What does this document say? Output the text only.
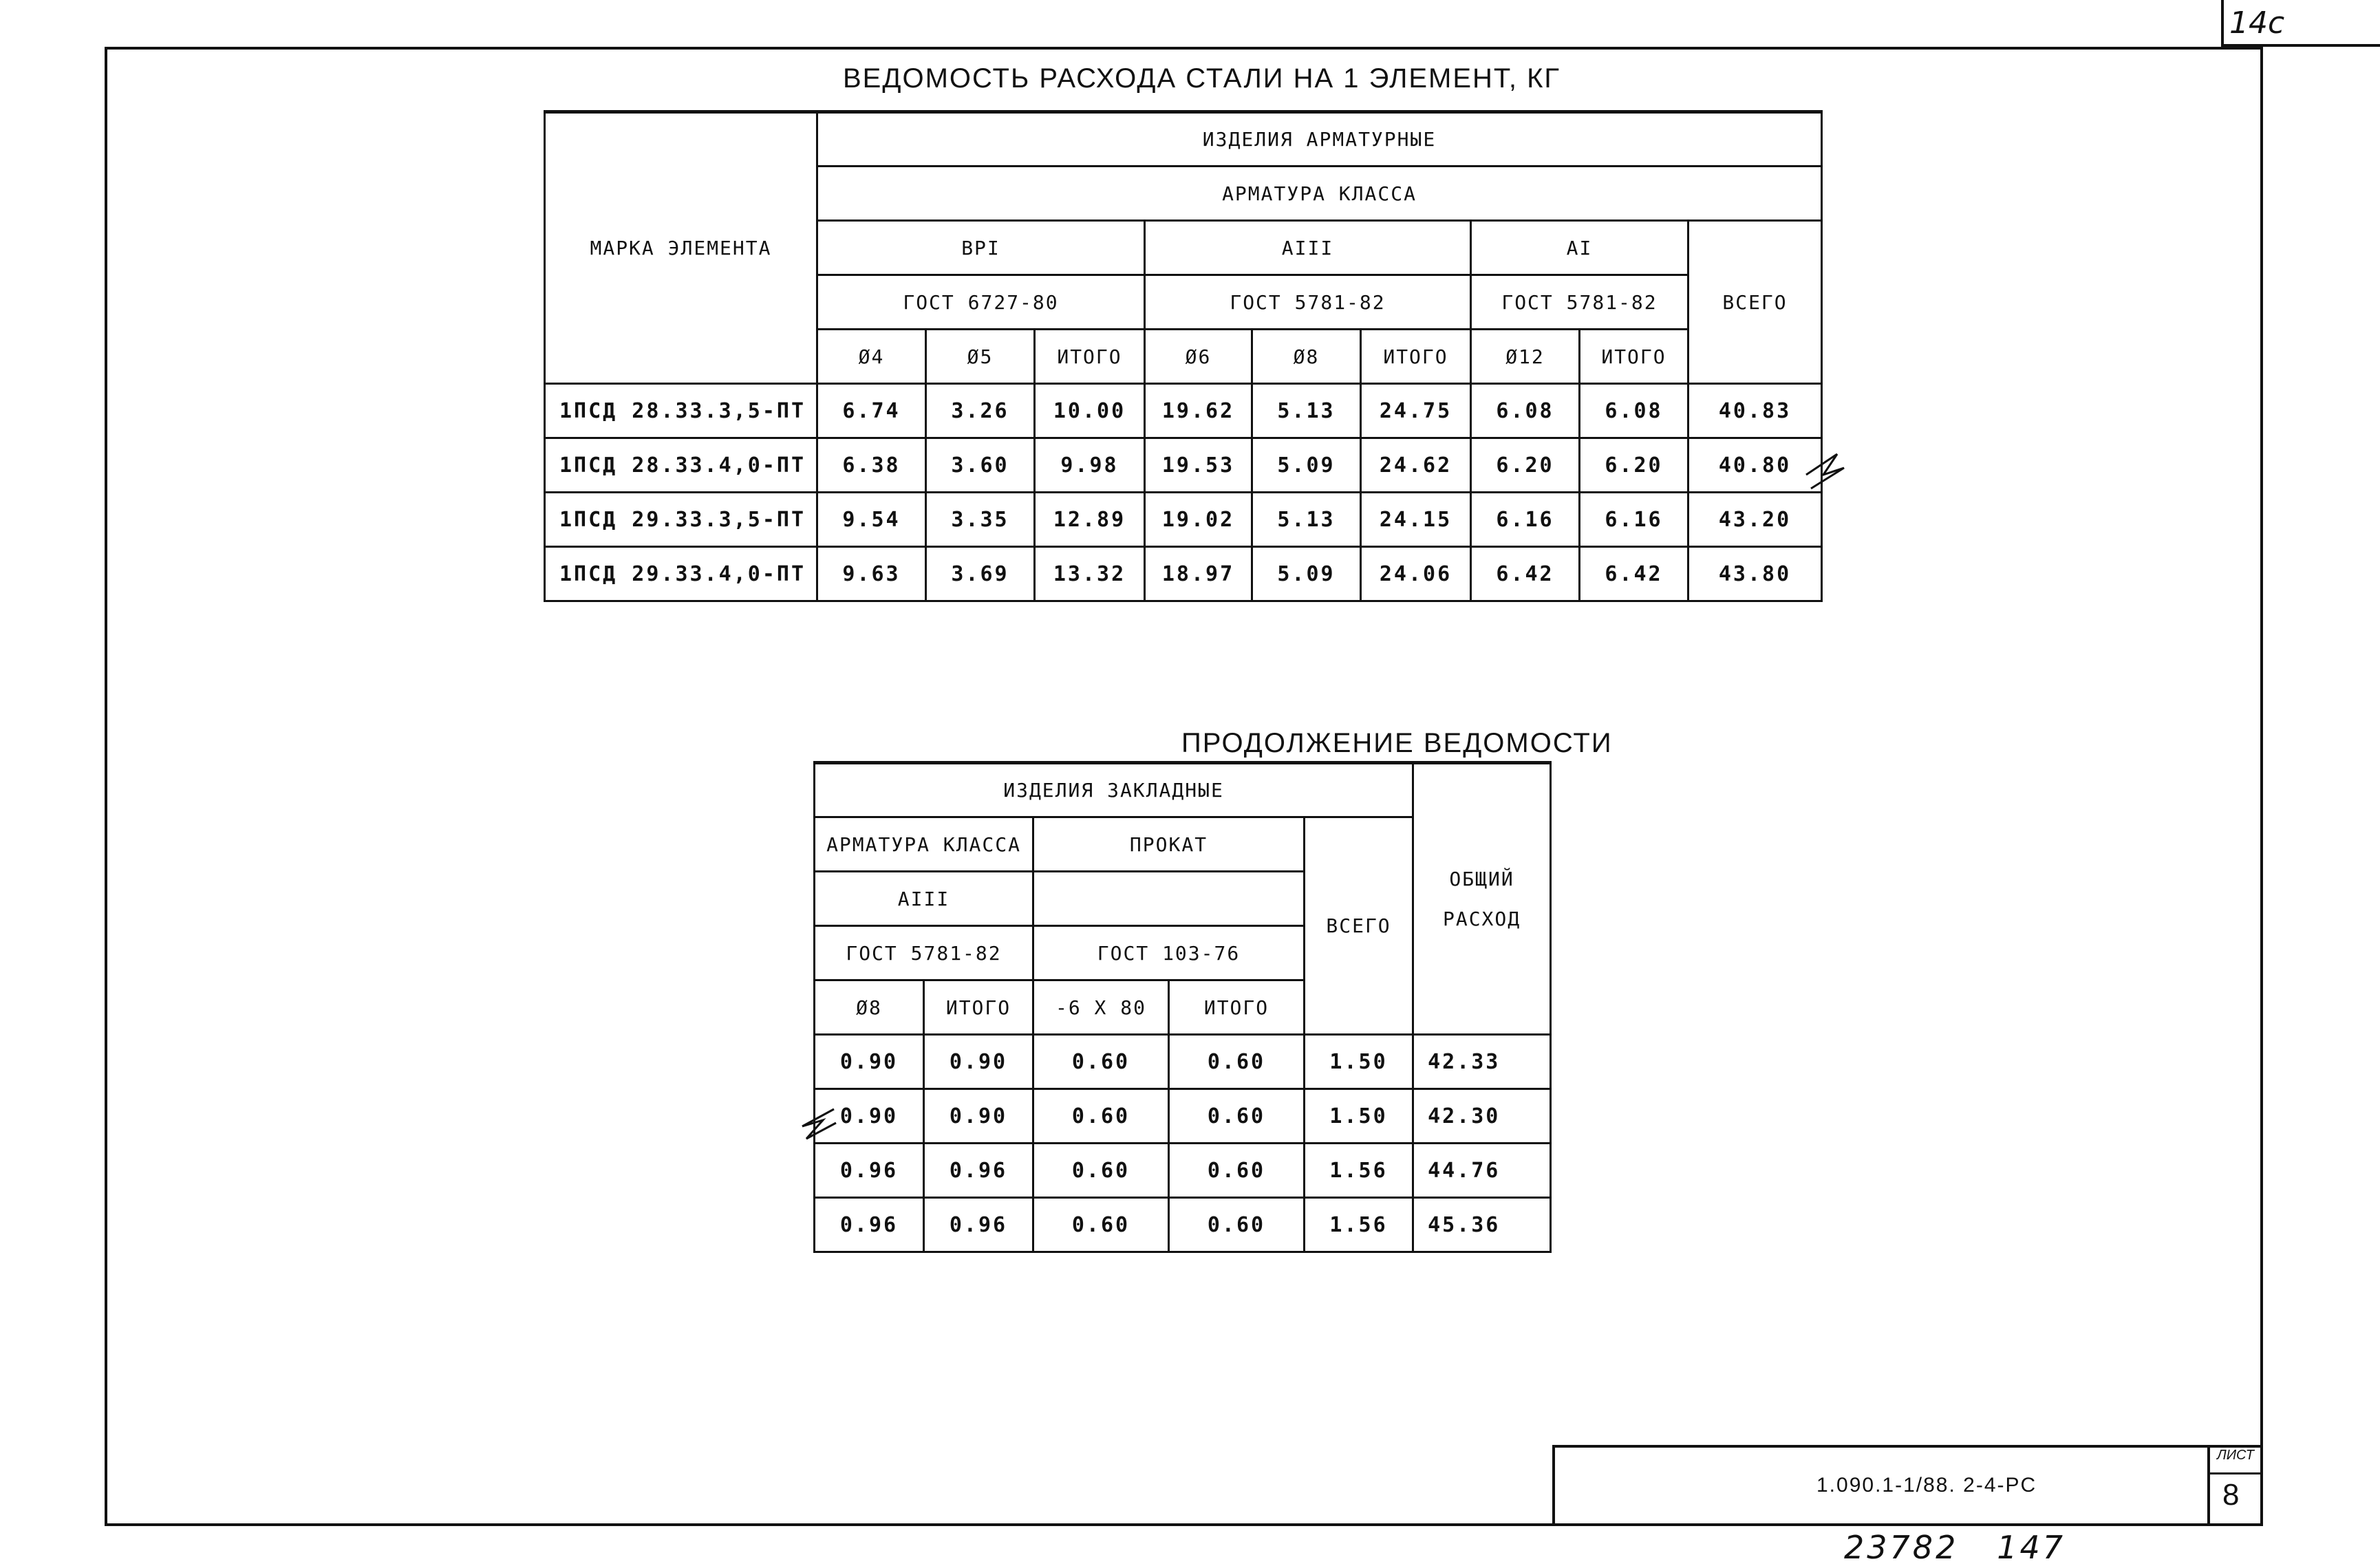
14с
ВЕДОМОСТЬ РАСХОДА СТАЛИ НА 1 ЭЛЕМЕНТ, КГ
МАРКА ЭЛЕМЕНТА	ИЗДЕЛИЯ АРМАТУРНЫЕ								
	АРМАТУРА КЛАССА								
	ВРI			АIII			АI		ВСЕГО
	ГОСТ 6727-80			ГОСТ 5781-82			ГОСТ 5781-82		
	Ø4	Ø5	ИТОГО	Ø6	Ø8	ИТОГО	Ø12	ИТОГО	
1ПСД 28.33.3,5-ПТ	6.74	3.26	10.00	19.62	5.13	24.75	6.08	6.08	40.83
1ПСД 28.33.4,0-ПТ	6.38	3.60	9.98	19.53	5.09	24.62	6.20	6.20	40.80
1ПСД 29.33.3,5-ПТ	9.54	3.35	12.89	19.02	5.13	24.15	6.16	6.16	43.20
1ПСД 29.33.4,0-ПТ	9.63	3.69	13.32	18.97	5.09	24.06	6.42	6.42	43.80
ПРОДОЛЖЕНИЕ ВЕДОМОСТИ
ИЗДЕЛИЯ ЗАКЛАДНЫЕ					ОБЩИЙ
РАСХОД

АРМАТУРА КЛАССА		ПРОКАТ		ВСЕГО	
АIII					
ГОСТ 5781-82		ГОСТ 103-76			
Ø8	ИТОГО	-6 Х 80	ИТОГО		
0.90	0.90	0.60	0.60	1.50	42.33
0.90	0.90	0.60	0.60	1.50	42.30
0.96	0.96	0.60	0.60	1.56	44.76
0.96	0.96	0.60	0.60	1.56	45.36
1.090.1-1/88. 2-4-PC
ЛИСТ
8
23782   147
